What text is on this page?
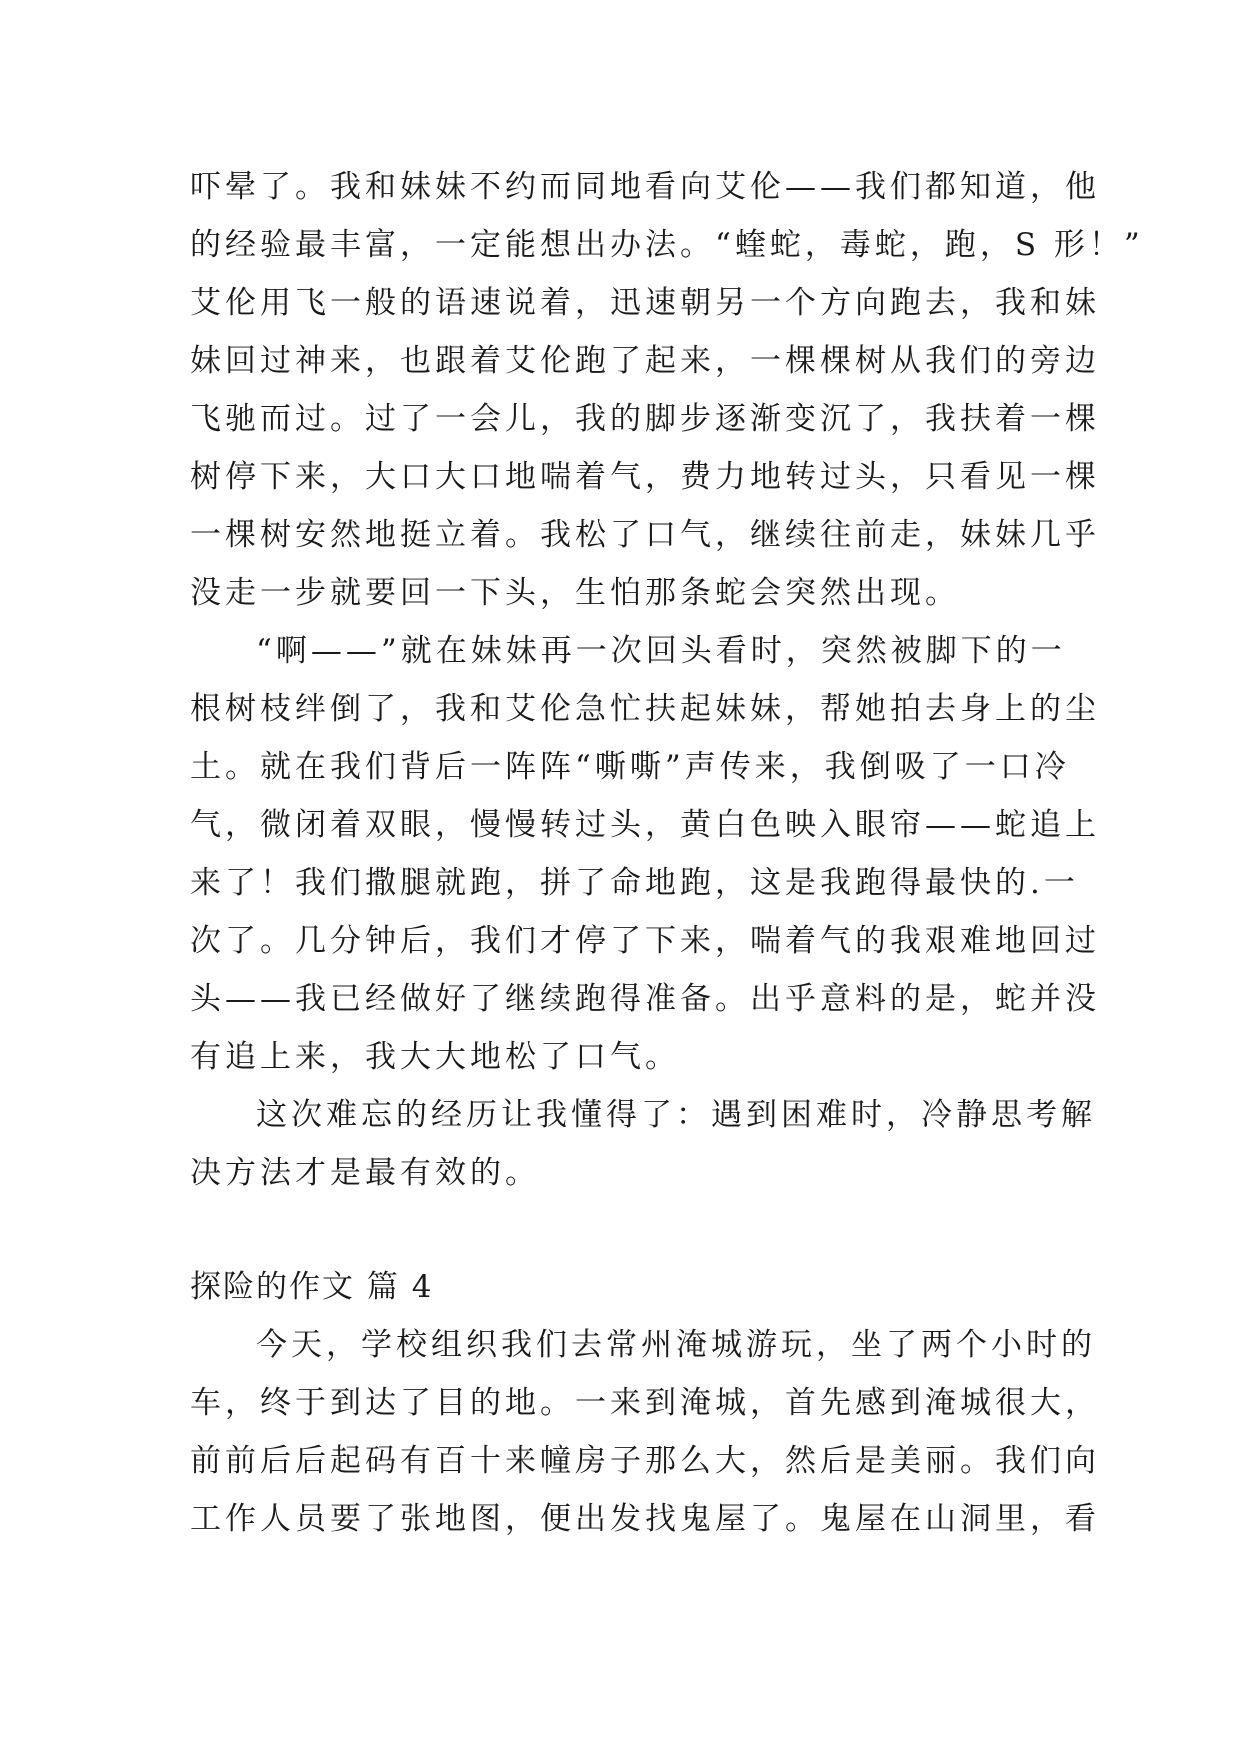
吓晕了。我和妹妹不约而同地看向艾伦——我们都知道，他
的经验最丰富，一定能想出办法。“蝰蛇，毒蛇，跑，S 形！”
艾伦用飞一般的语速说着，迅速朝另一个方向跑去，我和妹
妹回过神来，也跟着艾伦跑了起来，一棵棵树从我们的旁边
飞驰而过。过了一会儿，我的脚步逐渐变沉了，我扶着一棵
树停下来，大口大口地喘着气，费力地转过头，只看见一棵
一棵树安然地挺立着。我松了口气，继续往前走，妹妹几乎
没走一步就要回一下头，生怕那条蛇会突然出现。
“啊——”就在妹妹再一次回头看时，突然被脚下的一
根树枝绊倒了，我和艾伦急忙扶起妹妹，帮她拍去身上的尘
土。就在我们背后一阵阵“嘶嘶”声传来，我倒吸了一口冷
气，微闭着双眼，慢慢转过头，黄白色映入眼帘——蛇追上
来了！我们撒腿就跑，拼了命地跑，这是我跑得最快的.一
次了。几分钟后，我们才停了下来，喘着气的我艰难地回过
头——我已经做好了继续跑得准备。出乎意料的是，蛇并没
有追上来，我大大地松了口气。
这次难忘的经历让我懂得了：遇到困难时，冷静思考解
决方法才是最有效的。
探险的作文 篇 4
今天，学校组织我们去常州淹城游玩，坐了两个小时的
车，终于到达了目的地。一来到淹城，首先感到淹城很大，
前前后后起码有百十来幢房子那么大，然后是美丽。我们向
工作人员要了张地图，便出发找鬼屋了。鬼屋在山洞里，看
